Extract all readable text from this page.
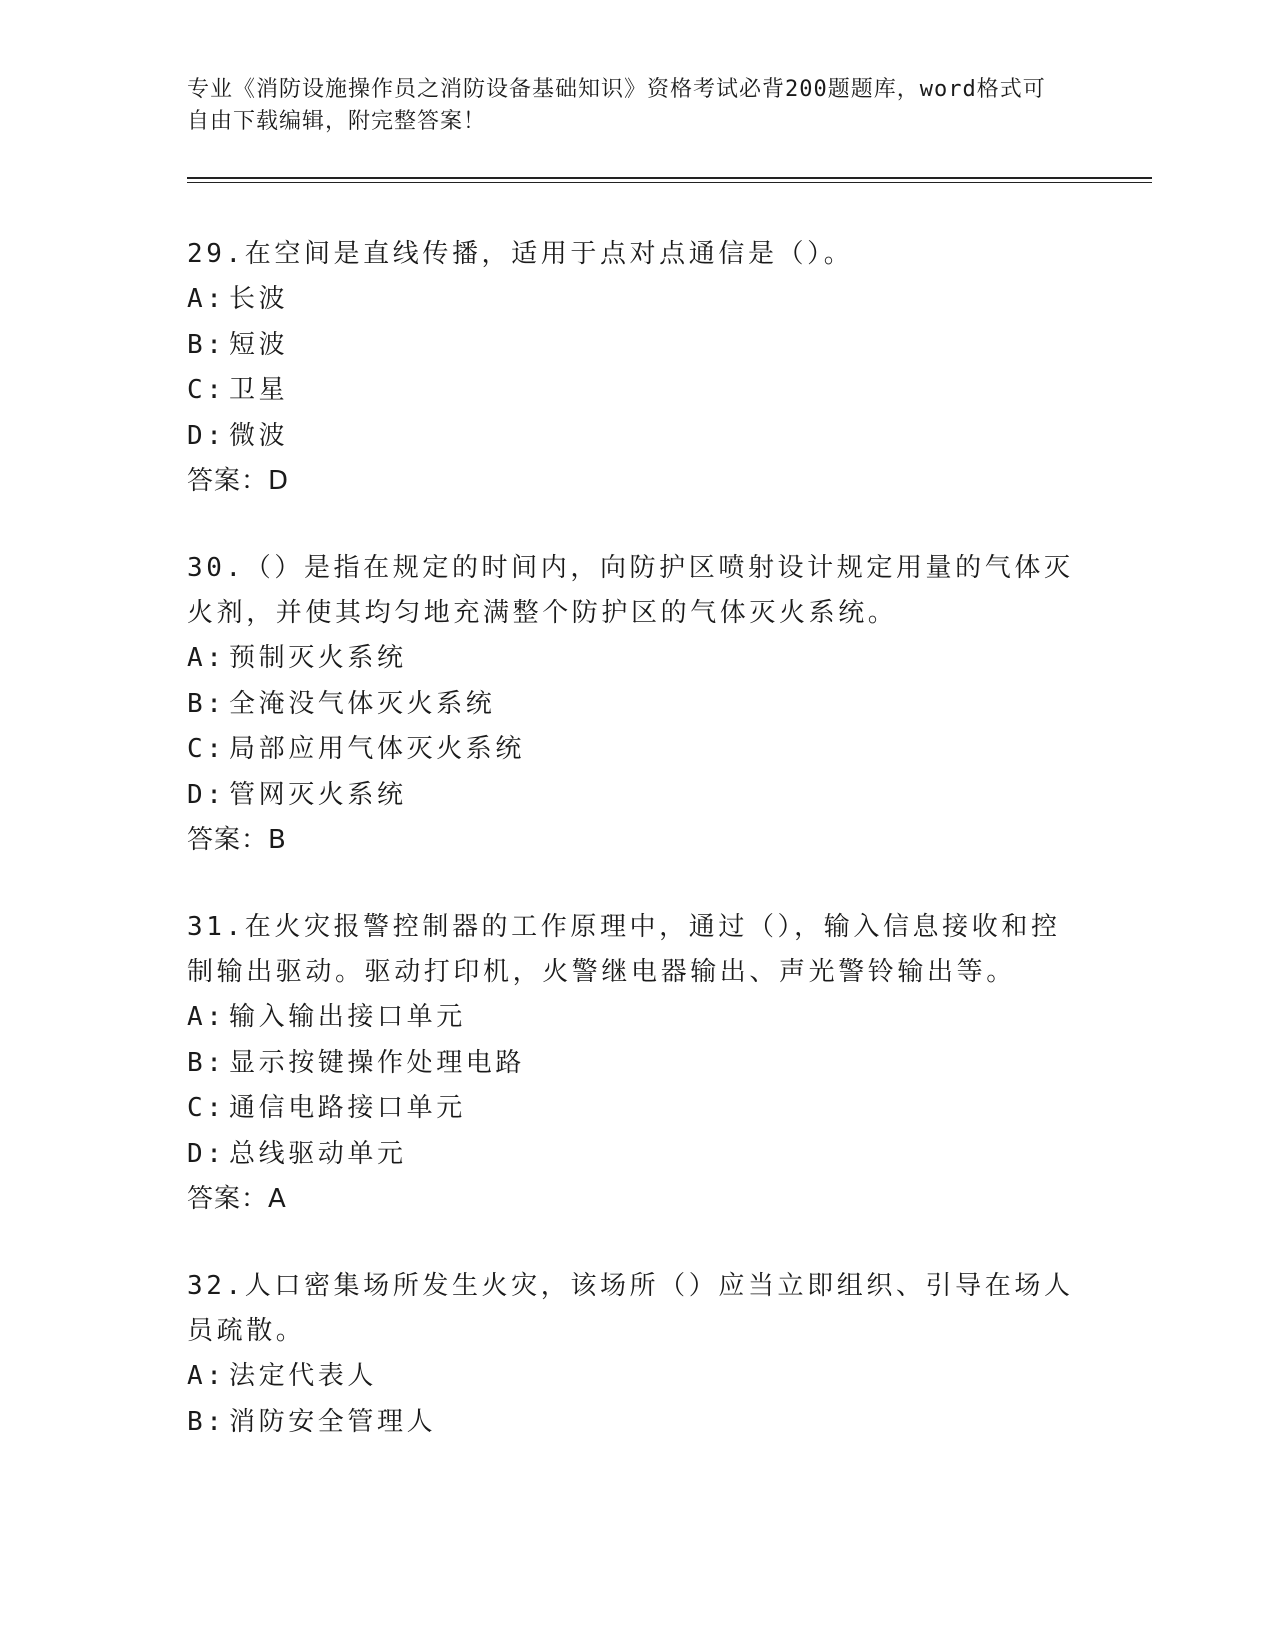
专业《消防设施操作员之消防设备基础知识》资格考试必背200题题库，word格式可自由下载编辑，附完整答案！

29.在空间是直线传播，适用于点对点通信是（）。

A: 长波

B: 短波

C: 卫星

D: 微波

答案：D

30.（）是指在规定的时间内，向防护区喷射设计规定用量的气体灭火剂，并使其均匀地充满整个防护区的气体灭火系统。

A: 预制灭火系统

B: 全淹没气体灭火系统

C: 局部应用气体灭火系统

D: 管网灭火系统

答案：B

31.在火灾报警控制器的工作原理中，通过（），输入信息接收和控制输出驱动。驱动打印机，火警继电器输出、声光警铃输出等。

A: 输入输出接口单元

B: 显示按键操作处理电路

C: 通信电路接口单元

D: 总线驱动单元

答案：A

32.人口密集场所发生火灾，该场所（）应当立即组织、引导在场人员疏散。

A: 法定代表人

B: 消防安全管理人
